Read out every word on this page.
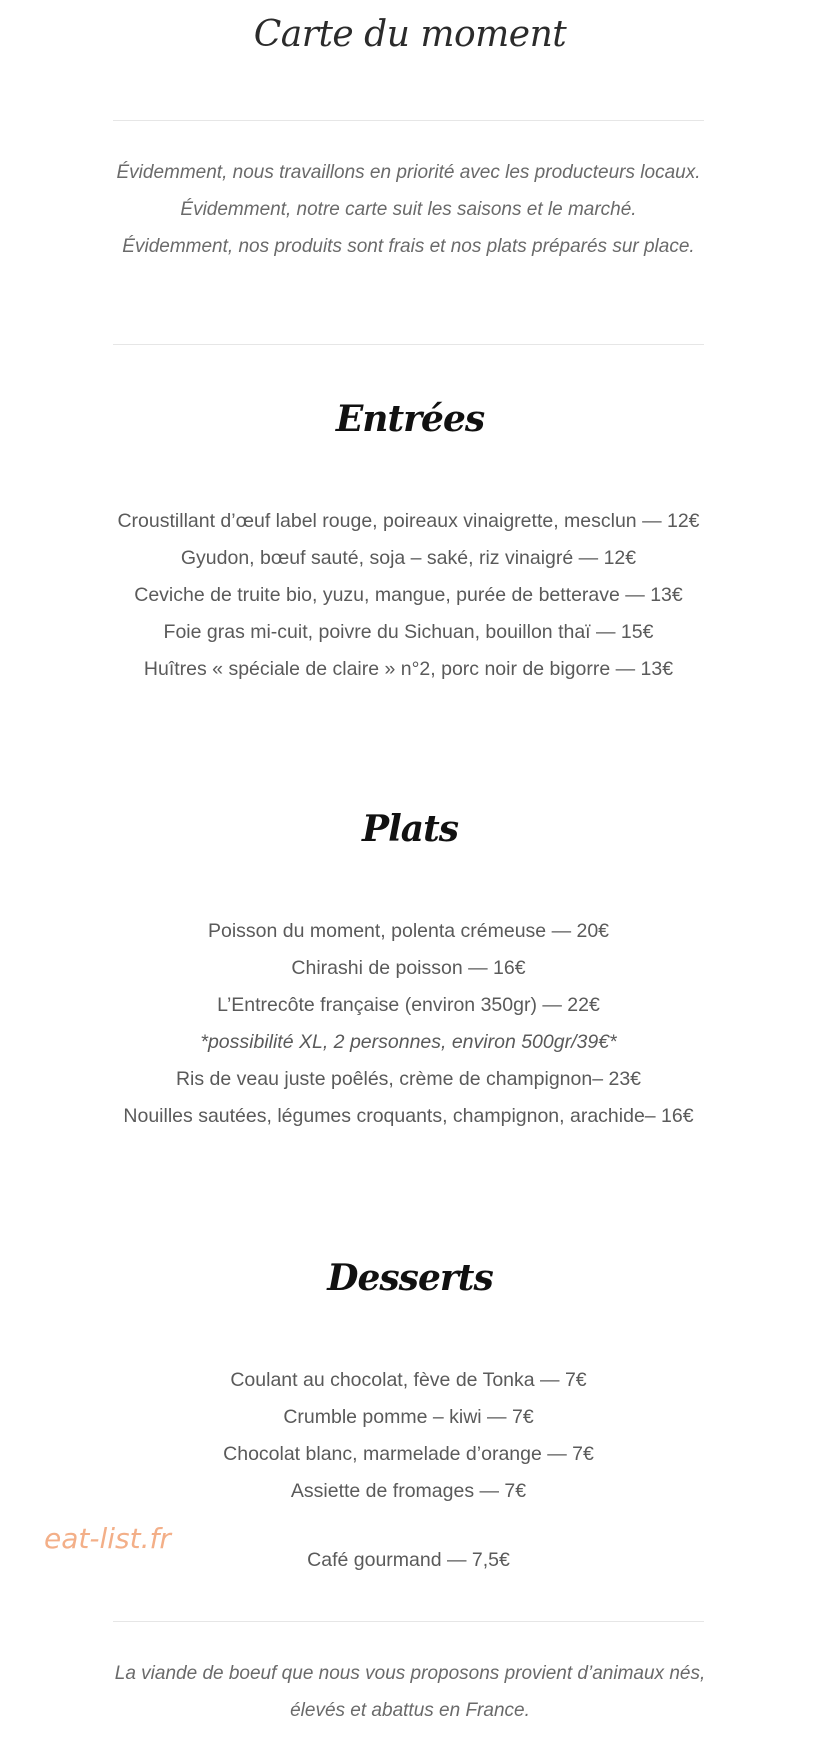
Carte du moment

Évidemment, nous travaillons en priorité avec les producteurs locaux.

Évidemment, notre carte suit les saisons et le marché.

Évidemment, nos produits sont frais et nos plats préparés sur place.

Entrées
Croustillant d’œuf label rouge, poireaux vinaigrette, mesclun — 12€
Gyudon, bœuf sauté, soja – saké, riz vinaigré — 12€
Ceviche de truite bio, yuzu, mangue, purée de betterave — 13€
Foie gras mi-cuit, poivre du Sichuan, bouillon thaï — 15€
Huîtres « spéciale de claire » n°2, porc noir de bigorre — 13€
Plats
Poisson du moment, polenta crémeuse — 20€
Chirashi de poisson — 16€
L’Entrecôte française (environ 350gr) — 22€
*possibilité XL, 2 personnes, environ 500gr/39€*
Ris de veau juste poêlés, crème de champignon– 23€
Nouilles sautées, légumes croquants, champignon, arachide– 16€
Desserts
Coulant au chocolat, fève de Tonka — 7€
Crumble pomme – kiwi — 7€
Chocolat blanc, marmelade d’orange — 7€
Assiette de fromages — 7€
eat-list.fr
Café gourmand — 7,5€
La viande de boeuf que nous vous proposons provient d’animaux nés, élevés et abattus en France.
